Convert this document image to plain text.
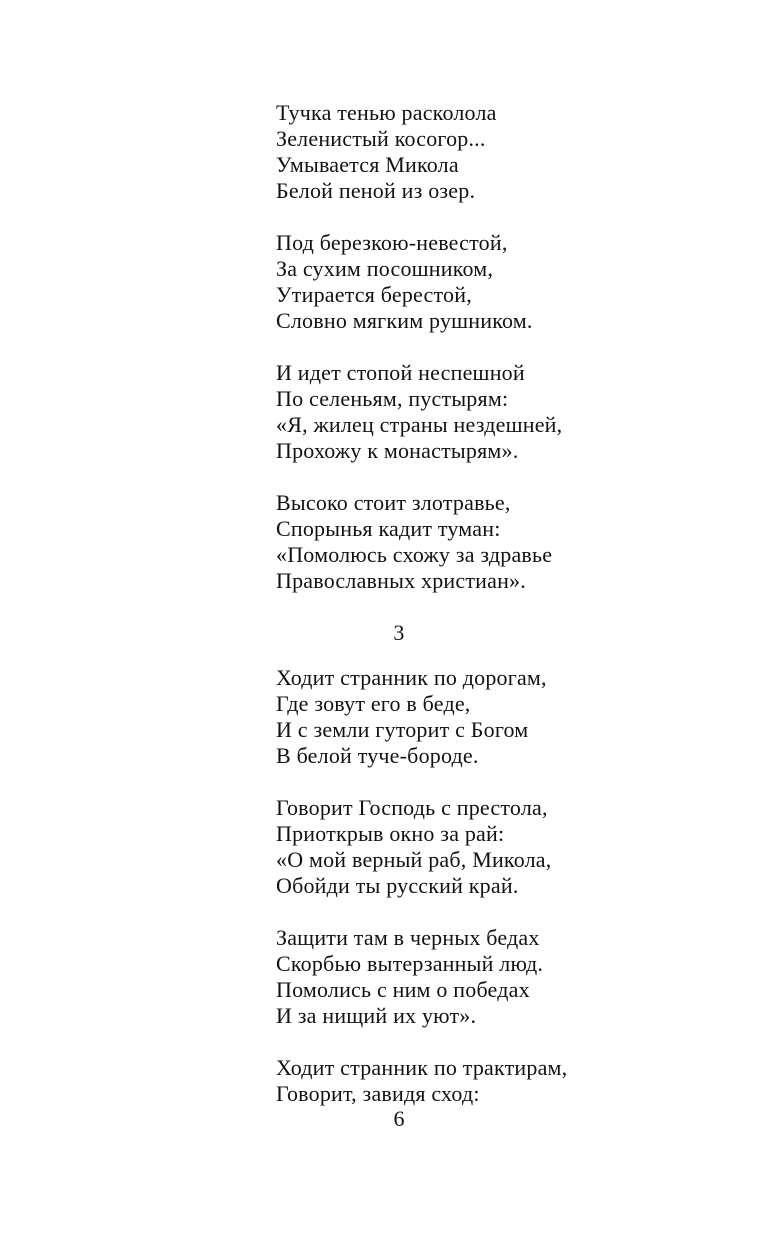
Тучка тенью расколола
Зеленистый косогор...
Умывается Микола
Белой пеной из озер.
Под березкою-невестой,
За сухим посошником,
Утирается берестой,
Словно мягким рушником.
И идет стопой неспешной
По селеньям, пустырям:
«Я, жилец страны нездешней,
Прохожу к монастырям».
Высоко стоит злотравье,
Спорынья кадит туман:
«Помолюсь схожу за здравье
Православных христиан».
3
Ходит странник по дорогам,
Где зовут его в беде,
И с земли гуторит с Богом
В белой туче-бороде.
Говорит Господь с престола,
Приоткрыв окно за рай:
«О мой верный раб, Микола,
Обойди ты русский край.
Защити там в черных бедах
Скорбью вытерзанный люд.
Помолись с ним о победах
И за нищий их уют».
Ходит странник по трактирам,
Говорит, завидя сход:
6
